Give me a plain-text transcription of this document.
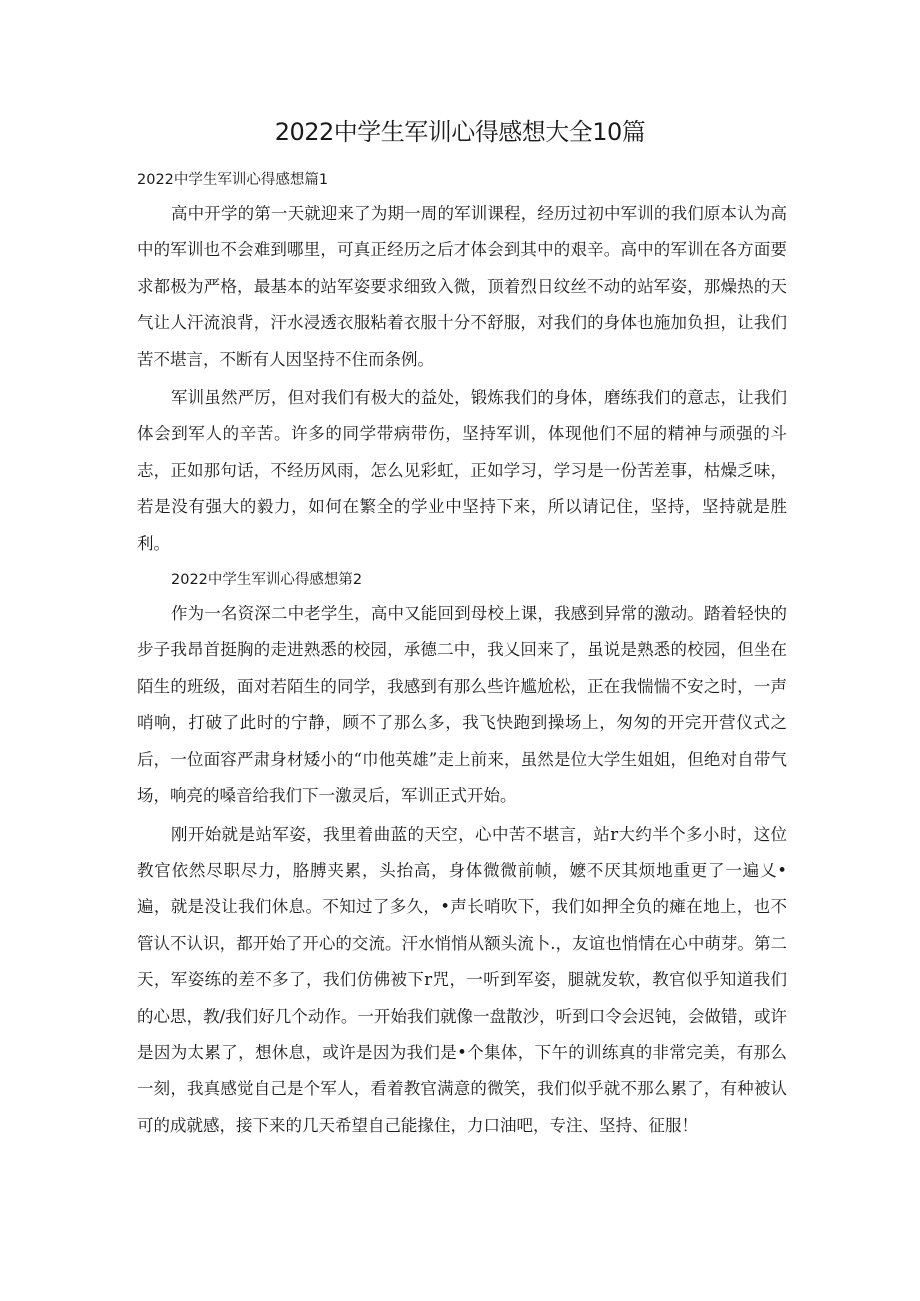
2022中学生军训心得感想大全10篇
2022中学生军训心得感想篇1

高中开学的第一天就迎来了为期一周的军训课程，经历过初中军训的我们原本认为高中的军训也不会难到哪里，可真正经历之后才体会到其中的艰辛。高中的军训在各方面要求都极为严格，最基本的站军姿要求细致入微，顶着烈日纹丝不动的站军姿，那燥热的天气让人汗流浪背，汗水浸透衣服粘着衣服十分不舒服，对我们的身体也施加负担，让我们苦不堪言，不断有人因坚持不住而条例。

军训虽然严厉，但对我们有极大的益处，锻炼我们的身体，磨练我们的意志，让我们体会到军人的辛苦。许多的同学带病带伤，坚持军训，体现他们不屈的精神与顽强的斗志，正如那句话，不经历风雨，怎么见彩虹，正如学习，学习是一份苦差事，枯燥乏味，若是没有强大的毅力，如何在繁全的学业中坚持下来，所以请记住，坚持，坚持就是胜利。

2022中学生军训心得感想第2

作为一名资深二中老学生，高中又能回到母校上课，我感到异常的激动。踏着轻快的步子我昂首挺胸的走进熟悉的校园，承德二中，我乂回来了，虽说是熟悉的校园，但坐在陌生的班级，面对若陌生的同学，我感到有那么些许尴尬松，正在我惴惴不安之时，一声哨响，打破了此时的宁静，顾不了那么多，我飞快跑到操场上，匆匆的开完开营仪式之后，一位面容严肃身材矮小的“巾他英雄”走上前来，虽然是位大学生姐姐，但绝对自带气场，响亮的嗓音给我们下一激灵后，军训正式开始。

刚开始就是站军姿，我里着曲蓝的天空，心中苦不堪言，站r大约半个多小时，这位教官依然尽职尽力，胳膊夹累，头抬高，身体微微前帧，嬷不厌其烦地重更了一遍乂•遍，就是没让我们休息。不知过了多久，•声长哨吹下，我们如押全负的瘫在地上，也不管认不认识，都开始了开心的交流。汗水悄悄从额头流卜.，友谊也悄情在心中萌芽。第二天，军姿练的差不多了，我们仿佛被下r咒，一听到军姿，腿就发软，教官似乎知道我们的心思，教/我们好几个动作。一开始我们就像一盘散沙，听到口令会迟钝，会做错，或许是因为太累了，想休息，或许是因为我们是•个集体，下午的训练真的非常完美，有那么一刻，我真感觉自己是个军人，看着教官满意的微笑，我们似乎就不那么累了，有种被认可的成就感，接下来的几天希望自己能掾住，力口油吧，专注、坚持、征服！
